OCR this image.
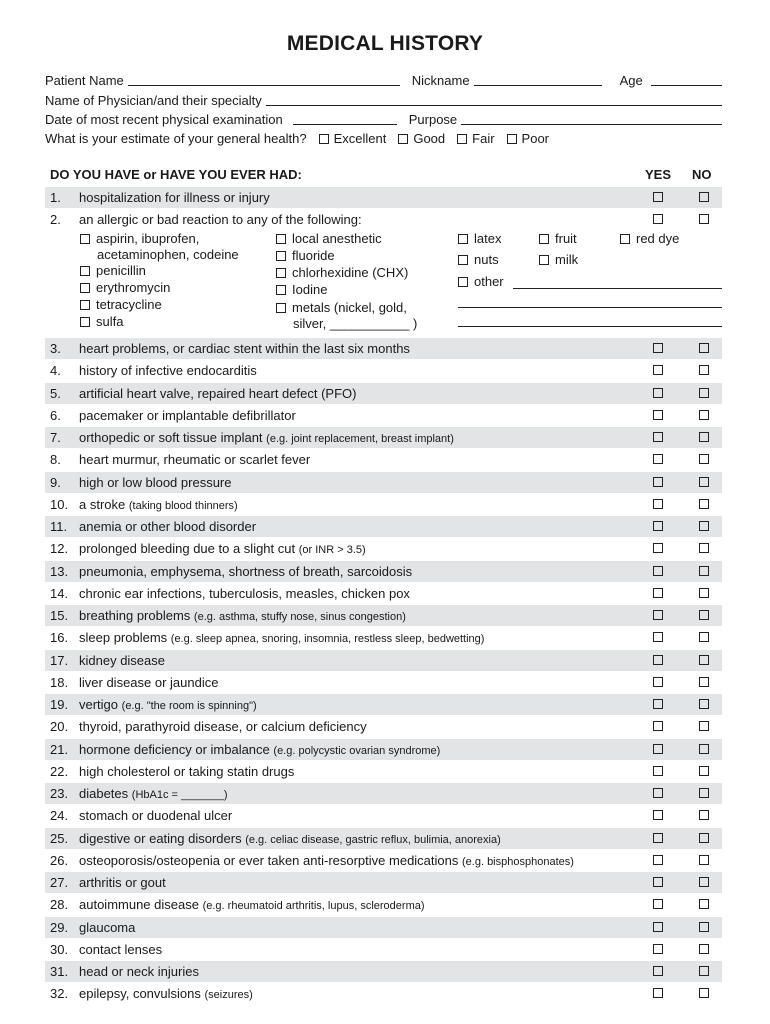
MEDICAL HISTORY
Patient Name	Nickname	Age
Name of Physician/and their specialty
Date of most recent physical examination	Purpose
What is your estimate of your general health? Excellent Good Fair Poor
DO YOU HAVE or HAVE YOU EVER HAD:	YES NO
1. hospitalization for illness or injury
2. an allergic or bad reaction to any of the following:
3. heart problems, or cardiac stent within the last six months
4. history of infective endocarditis
5. artificial heart valve, repaired heart defect (PFO)
6. pacemaker or implantable defibrillator
7. orthopedic or soft tissue implant (e.g. joint replacement, breast implant)
8. heart murmur, rheumatic or scarlet fever
9. high or low blood pressure
10. a stroke (taking blood thinners)
11. anemia or other blood disorder
12. prolonged bleeding due to a slight cut (or INR > 3.5)
13. pneumonia, emphysema, shortness of breath, sarcoidosis
14. chronic ear infections, tuberculosis, measles, chicken pox
15. breathing problems (e.g. asthma, stuffy nose, sinus congestion)
16. sleep problems (e.g. sleep apnea, snoring, insomnia, restless sleep, bedwetting)
17. kidney disease
18. liver disease or jaundice
19. vertigo (e.g. "the room is spinning")
20. thyroid, parathyroid disease, or calcium deficiency
21. hormone deficiency or imbalance (e.g. polycystic ovarian syndrome)
22. high cholesterol or taking statin drugs
23. diabetes (HbA1c = _______)
24. stomach or duodenal ulcer
25. digestive or eating disorders (e.g. celiac disease, gastric reflux, bulimia, anorexia)
26. osteoporosis/osteopenia or ever taken anti-resorptive medications (e.g. bisphosphonates)
27. arthritis or gout
28. autoimmune disease (e.g. rheumatoid arthritis, lupus, scleroderma)
29. glaucoma
30. contact lenses
31. head or neck injuries
32. epilepsy, convulsions (seizures)
aspirin, ibuprofen,
acetaminophen, codeine
penicillin
erythromycin
tetracycline
sulfa
local anesthetic
fluoride
chlorhexidine (CHX)
Iodine
metals (nickel, gold,
silver, ___________ )
latex
nuts
other
fruit
milk
red dye
